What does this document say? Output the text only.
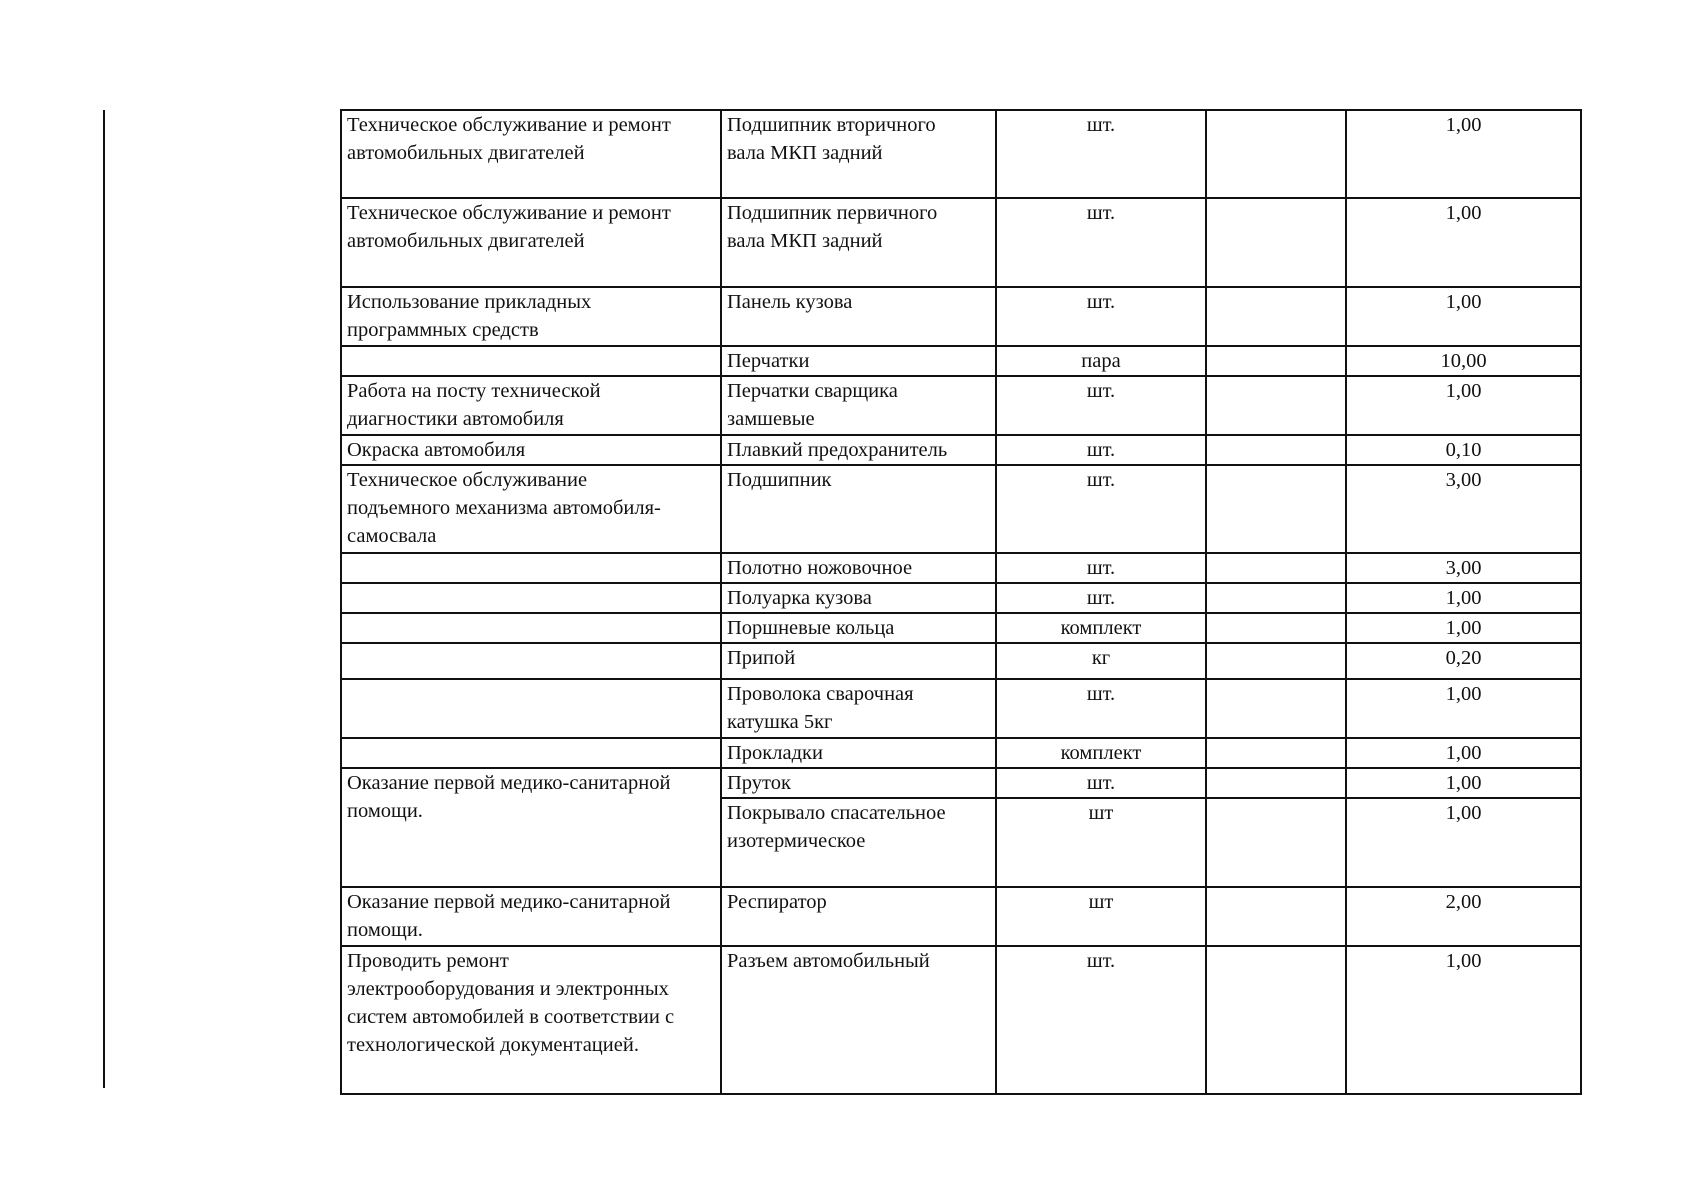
Техническое обслуживание и ремонт
автомобильных двигателей	Подшипник вторичного
вала МКП задний	шт.		1,00
Техническое обслуживание и ремонт
автомобильных двигателей	Подшипник первичного
вала МКП задний	шт.		1,00
Использование прикладных
программных средств	Панель кузова	шт.		1,00
	Перчатки	пара		10,00
Работа на посту технической
диагностики автомобиля	Перчатки сварщика
замшевые	шт.		1,00
Окраска автомобиля	Плавкий предохранитель	шт.		0,10
Техническое обслуживание
подъемного механизма автомобиля-
самосвала	Подшипник	шт.		3,00
	Полотно ножовочное	шт.		3,00
	Полуарка кузова	шт.		1,00
	Поршневые кольца	комплект		1,00
	Припой	кг		0,20
	Проволока сварочная
катушка 5кг	шт.		1,00
	Прокладки	комплект		1,00
Оказание первой медико-санитарной
помощи.	Пруток	шт.		1,00
	Покрывало спасательное
изотермическое	шт		1,00
Оказание первой медико-санитарной
помощи.	Респиратор	шт		2,00
Проводить ремонт
электрооборудования и электронных
систем автомобилей в соответствии с
технологической документацией.	Разъем автомобильный	шт.		1,00
